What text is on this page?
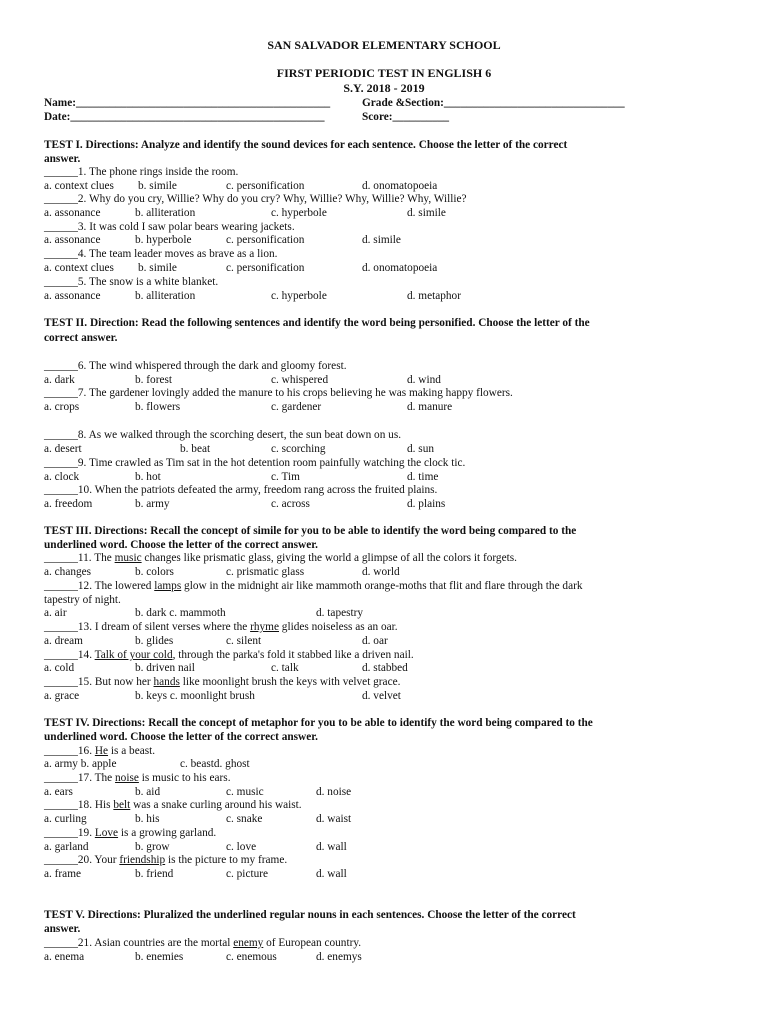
SAN SALVADOR ELEMENTARY SCHOOL
FIRST PERIODIC TEST IN ENGLISH 6
S.Y. 2018 - 2019
Name:_____________________________________________	Grade &Section:________________________________
Date:_____________________________________________	Score:__________
TEST I. Directions: Analyze and identify the sound devices for each sentence. Choose the letter of the correct
answer.
______1. The phone rings inside the room.
a. context clues b. simile	c. personification	d. onomatopoeia
______2. Why do you cry, Willie? Why do you cry? Why, Willie? Why, Willie? Why, Willie?
a. assonance	b. alliteration	c. hyperbole	d. simile
______3. It was cold I saw polar bears wearing jackets.
a. assonance	b. hyperbole	c. personification	d. simile
______4. The team leader moves as brave as a lion.
a. context clues b. simile	c. personification	d. onomatopoeia
______5. The snow is a white blanket.
a. assonance	b. alliteration	c. hyperbole	d. metaphor
TEST II. Direction: Read the following sentences and identify the word being personified. Choose the letter of the
correct answer.
______6. The wind whispered through the dark and gloomy forest.
a. dark	b. forest	c. whispered	d. wind
______7. The gardener lovingly added the manure to his crops believing he was making happy flowers.
a. crops	b. flowers	c. gardener	d. manure
______8. As we walked through the scorching desert, the sun beat down on us.
a. desert	b. beat	c. scorching	d. sun
______9. Time crawled as Tim sat in the hot detention room painfully watching the clock tic.
a. clock	b. hot	c. Tim	d. time
______10. When the patriots defeated the army, freedom rang across the fruited plains.
a. freedom	b. army	c. across	d. plains
TEST III. Directions: Recall the concept of simile for you to be able to identify the word being compared to the
underlined word. Choose the letter of the correct answer.
______11. The music changes like prismatic glass, giving the world a glimpse of all the colors it forgets.
a. changes	b. colors	c. prismatic glass	d. world
______12. The lowered lamps glow in the midnight air like mammoth orange-moths that flit and flare through the dark
tapestry of night.
a. air	b. dark c. mammoth	d. tapestry
______13. I dream of silent verses where the rhyme glides noiseless as an oar.
a. dream	b. glides	c. silent	d. oar
______14. Talk of your cold, through the parka's fold it stabbed like a driven nail.
a. cold	b. driven nail	c. talk	d. stabbed
______15. But now her hands like moonlight brush the keys with velvet grace.
a. grace	b. keys c. moonlight brush	d. velvet
TEST IV. Directions: Recall the concept of metaphor for you to be able to identify the word being compared to the
underlined word. Choose the letter of the correct answer.
______16. He is a beast.
a. army b. apple	c. beastd. ghost
______17. The noise is music to his ears.
a. ears	b. aid	c. music	d. noise
______18. His belt was a snake curling around his waist.
a. curling	b. his	c. snake	d. waist
______19. Love is a growing garland.
a. garland	b. grow	c. love	d. wall
______20. Your friendship is the picture to my frame.
a. frame	b. friend	c. picture	d. wall
TEST V. Directions: Pluralized the underlined regular nouns in each sentences. Choose the letter of the correct
answer.
______21. Asian countries are the mortal enemy of European country.
a. enema	b. enemies	c. enemous	d. enemys
